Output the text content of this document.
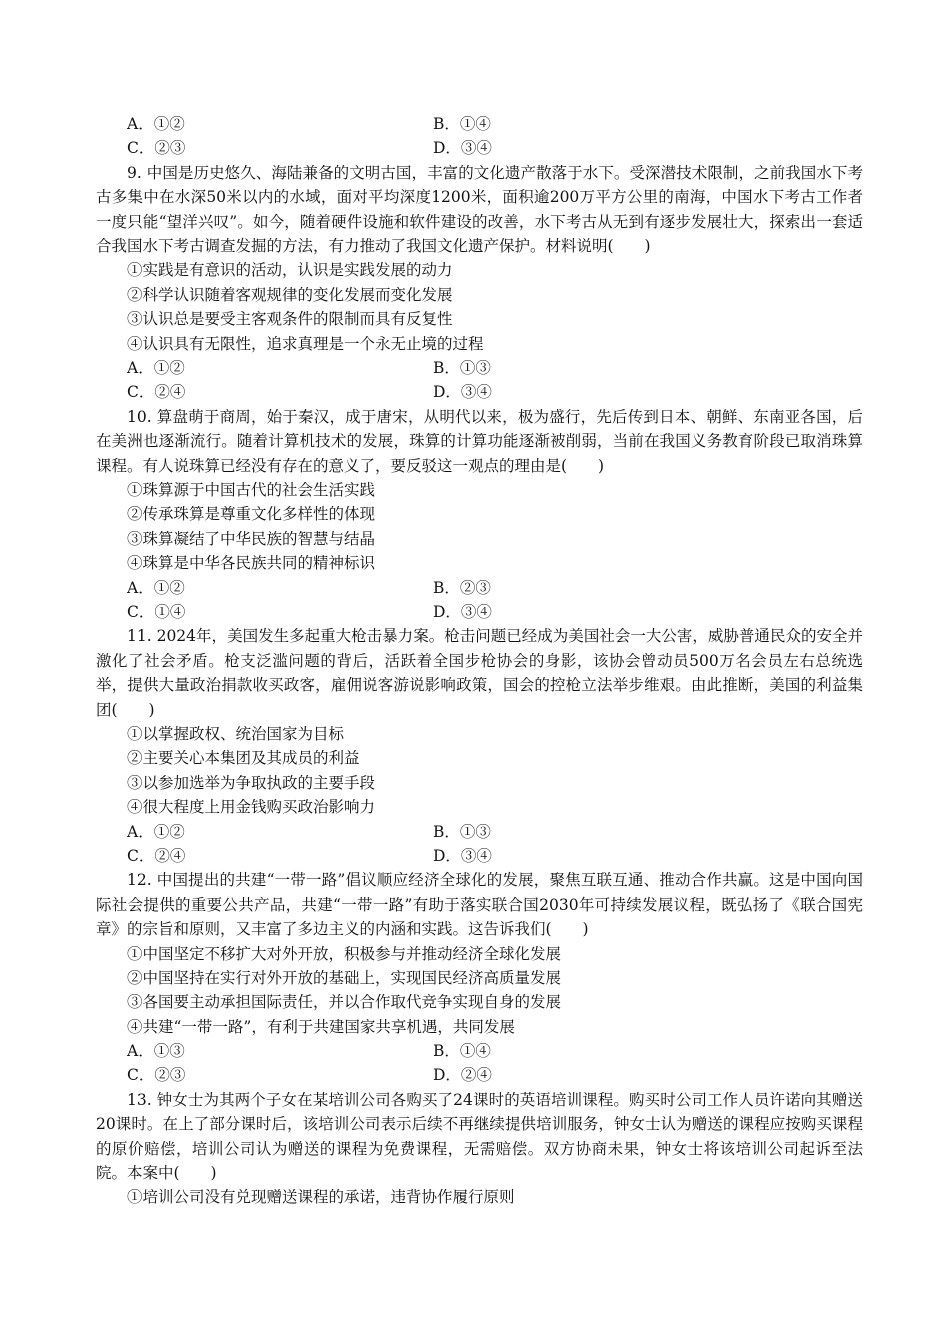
A．①②	B．①④
C．②③	D．③④
9. 中国是历史悠久、海陆兼备的文明古国，丰富的文化遗产散落于水下。受深潜技术限制，之前我国水下考古多集中在水深50米以内的水域，面对平均深度1200米，面积逾200万平方公里的南海，中国水下考古工作者一度只能“望洋兴叹”。如今，随着硬件设施和软件建设的改善，水下考古从无到有逐步发展壮大，探索出一套适合我国水下考古调查发掘的方法，有力推动了我国文化遗产保护。材料说明(　　)
①实践是有意识的活动，认识是实践发展的动力
②科学认识随着客观规律的变化发展而变化发展
③认识总是要受主客观条件的限制而具有反复性
④认识具有无限性，追求真理是一个永无止境的过程
A．①②	B．①③
C．②④	D．③④
10. 算盘萌于商周，始于秦汉，成于唐宋，从明代以来，极为盛行，先后传到日本、朝鲜、东南亚各国，后在美洲也逐渐流行。随着计算机技术的发展，珠算的计算功能逐渐被削弱，当前在我国义务教育阶段已取消珠算课程。有人说珠算已经没有存在的意义了，要反驳这一观点的理由是(　　)
①珠算源于中国古代的社会生活实践
②传承珠算是尊重文化多样性的体现
③珠算凝结了中华民族的智慧与结晶
④珠算是中华各民族共同的精神标识
A．①②	B．②③
C．①④	D．③④
11. 2024年，美国发生多起重大枪击暴力案。枪击问题已经成为美国社会一大公害，威胁普通民众的安全并激化了社会矛盾。枪支泛滥问题的背后，活跃着全国步枪协会的身影，该协会曾动员500万名会员左右总统选举，提供大量政治捐款收买政客，雇佣说客游说影响政策，国会的控枪立法举步维艰。由此推断，美国的利益集团(　　)
①以掌握政权、统治国家为目标
②主要关心本集团及其成员的利益
③以参加选举为争取执政的主要手段
④很大程度上用金钱购买政治影响力
A．①②	B．①③
C．②④	D．③④
12. 中国提出的共建“一带一路”倡议顺应经济全球化的发展，聚焦互联互通、推动合作共赢。这是中国向国际社会提供的重要公共产品，共建“一带一路”有助于落实联合国2030年可持续发展议程，既弘扬了《联合国宪章》的宗旨和原则，又丰富了多边主义的内涵和实践。这告诉我们(　　)
①中国坚定不移扩大对外开放，积极参与并推动经济全球化发展
②中国坚持在实行对外开放的基础上，实现国民经济高质量发展
③各国要主动承担国际责任，并以合作取代竞争实现自身的发展
④共建“一带一路”，有利于共建国家共享机遇，共同发展
A．①③	B．①④
C．②③	D．②④
13. 钟女士为其两个子女在某培训公司各购买了24课时的英语培训课程。购买时公司工作人员许诺向其赠送20课时。在上了部分课时后，该培训公司表示后续不再继续提供培训服务，钟女士认为赠送的课程应按购买课程的原价赔偿，培训公司认为赠送的课程为免费课程，无需赔偿。双方协商未果，钟女士将该培训公司起诉至法院。本案中(　　)
①培训公司没有兑现赠送课程的承诺，违背协作履行原则
